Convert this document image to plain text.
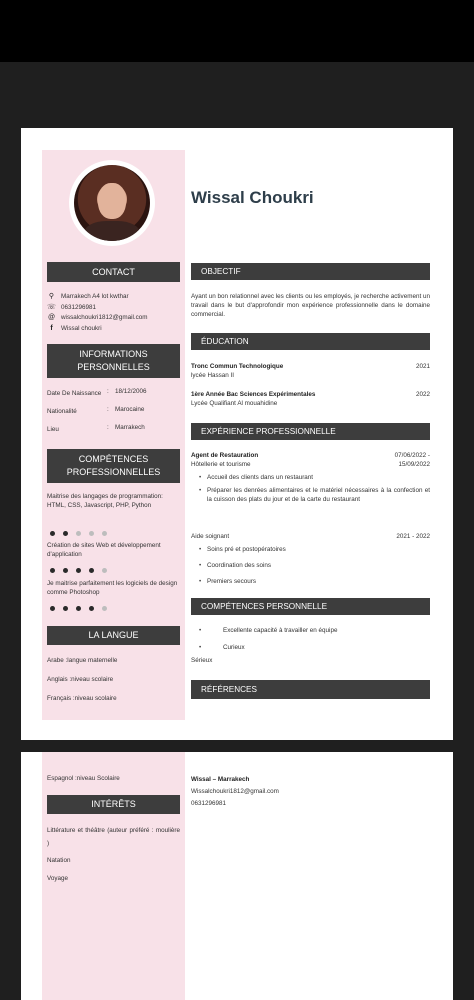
CONTACT
⚲	Marrakech A4 lot kwthar
☏ 0631296981
@ wissalchoukri1812@gmail.com
f	Wissal choukri
INFORMATIONS PERSONNELLES
Date De Naissance : 18/12/2006
Nationalité	: Marocaine
Lieu	: Marrakech
COMPÉTENCES PROFESSIONNELLES
Maitrise des langages de programmation: HTML, CSS, Javascript, PHP, Python
Création de sites Web et développement d'application
Je maitrise parfaitement les logiciels de design comme Photoshop
LA LANGUE
Arabe :langue maternelle
Anglais :niveau scolaire
Français :niveau scolaire
Wissal Choukri
OBJECTIF
Ayant un bon relationnel avec les clients ou les employés, je recherche activement un travail dans le but d'approfondir mon expérience professionnelle dans le domaine commercial.
ÉDUCATION
Tronc Commun Technologique	2021
lycée Hassan II
1ère Année Bac Sciences Expérimentales	2022
Lycée Qualifiant Al mouahidine
EXPÉRIENCE PROFESSIONNELLE
Agent de Restauration	07/06/2022 -
Hôtellerie et tourisme	15/09/2022
• Accueil des clients dans un restaurant
• Préparer les denrées alimentaires et le matériel nécessaires à la confection et la cuisson des plats du jour et de la carte du restaurant
Aide soignant	2021 - 2022
• Soins pré et postopératoires
• Coordination des soins
• Premiers secours
COMPÉTENCES PERSONNELLE
• Excellente capacité à travailler en équipe
• Curieux
Sérieux
RÉFÉRENCES
Espagnol :niveau Scolaire
INTÉRÊTS
Littérature et théâtre (auteur préféré : moulière )
Natation
Voyage
Wissal – Marrakech
Wissalchoukri1812@gmail.com
0631296981
